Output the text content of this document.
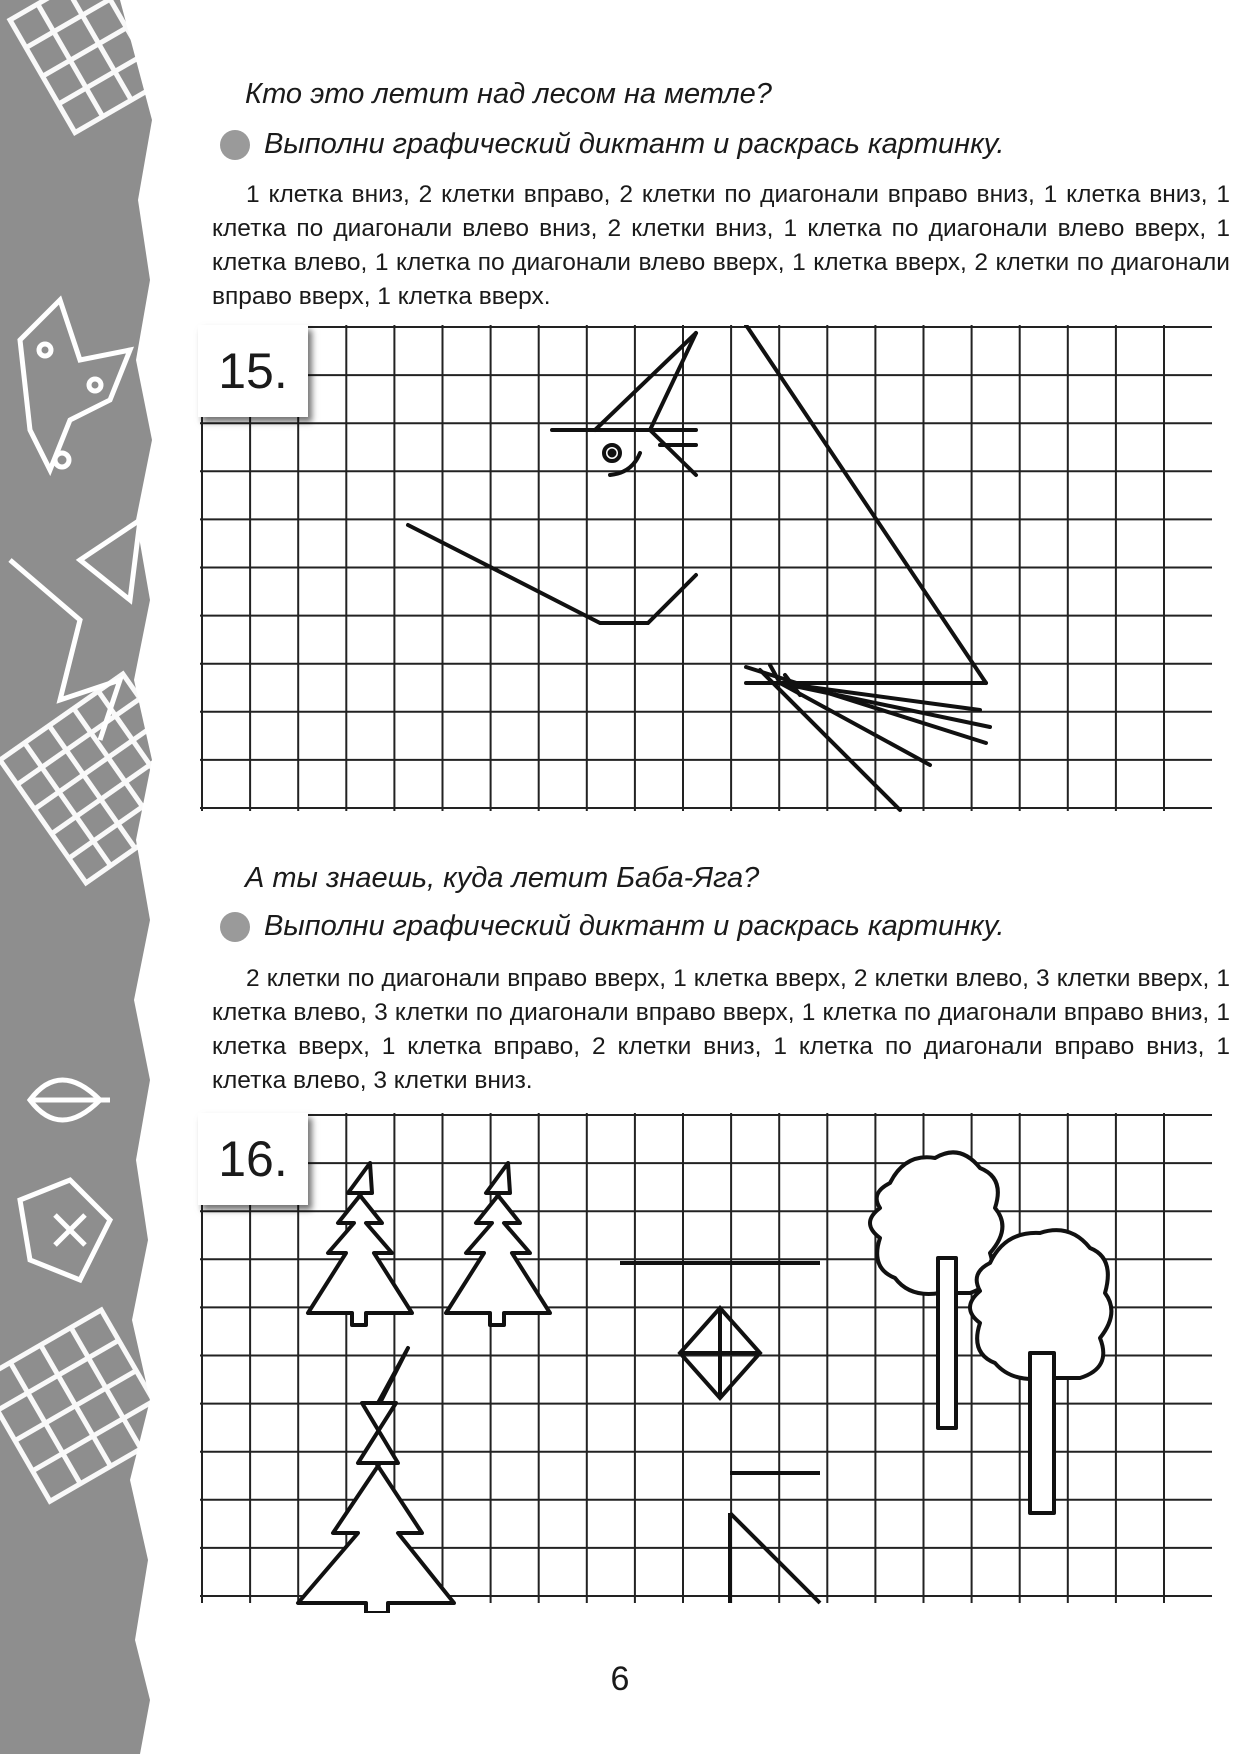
Кто это летит над лесом на метле?
Выполни графический диктант и раскрась картинку.

1 клетка вниз, 2 клетки вправо, 2 клетки по диагонали вправо вниз, 1 клетка вниз, 1 клетка по диагонали влево вниз, 2 клетки вниз, 1 клетка по диагонали влево вверх, 1 клетка влево, 1 клетка по диагонали влево вверх, 1 клетка вверх, 2 клетки по диагонали вправо вверх, 1 клетка вверх.

15.
А ты знаешь, куда летит Баба-Яга?
Выполни графический диктант и раскрась картинку.

2 клетки по диагонали вправо вверх, 1 клетка вверх, 2 клетки влево, 3 клетки вверх, 1 клетка влево, 3 клетки по диагонали вправо вверх, 1 клетка по диагонали вправо вниз, 1 клетка вверх, 1 клетка вправо, 2 клетки вниз, 1 клетка по диагонали вправо вниз, 1 клетка влево, 3 клетки вниз.

16.
6
